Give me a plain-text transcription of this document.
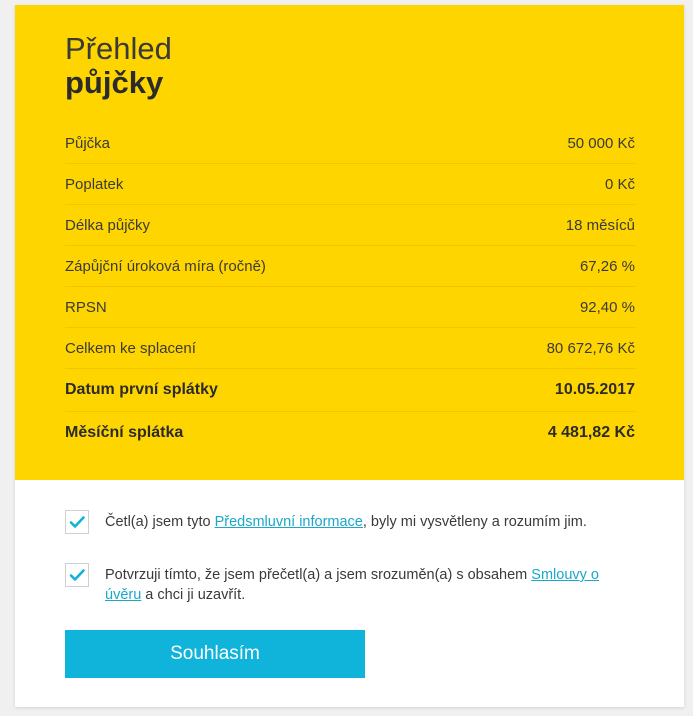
Přehled
půjčky
Půjčka	50 000 Kč
Poplatek	0 Kč
Délka půjčky	18 měsíců
Zápůjční úroková míra (ročně)	67,26 %
RPSN	92,40 %
Celkem ke splacení	80 672,76 Kč
Datum první splátky	10.05.2017
Měsíční splátka	4 481,82 Kč
Četl(a) jsem tyto Předsmluvní informace, byly mi vysvětleny a rozumím jim.
Potvrzuji tímto, že jsem přečetl(a) a jsem srozuměn(a) s obsahem Smlouvy o úvěru a chci ji uzavřít.
Souhlasím
